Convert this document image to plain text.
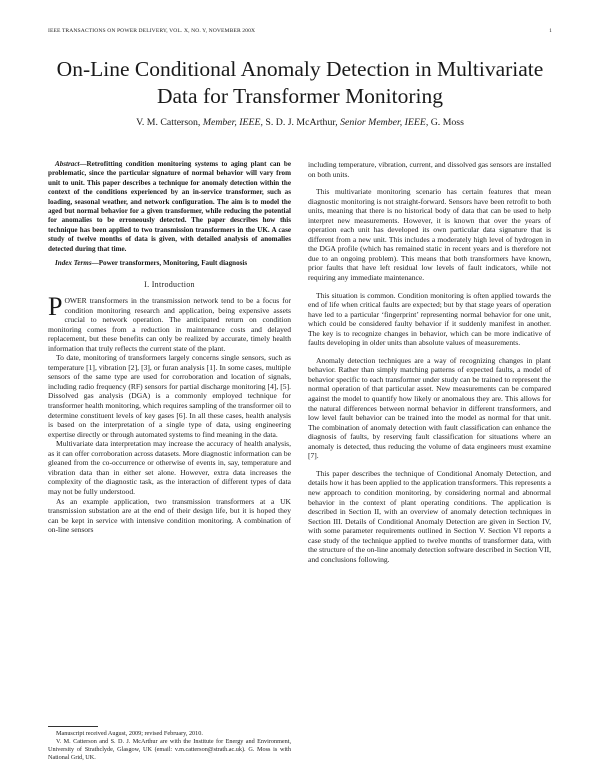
IEEE TRANSACTIONS ON POWER DELIVERY, VOL. X, NO. Y, NOVEMBER 200X	1
On-Line Conditional Anomaly Detection in Multivariate Data for Transformer Monitoring
V. M. Catterson, Member, IEEE, S. D. J. McArthur, Senior Member, IEEE, G. Moss

Abstract—Retrofitting condition monitoring systems to aging plant can be problematic, since the particular signature of normal behavior will vary from unit to unit. This paper describes a technique for anomaly detection within the context of the conditions experienced by an in-service transformer, such as loading, seasonal weather, and network configuration. The aim is to model the aged but normal behavior for a given transformer, while reducing the potential for anomalies to be erroneously detected. The paper describes how this technique has been applied to two transmission transformers in the UK. A case study of twelve months of data is given, with detailed analysis of anomalies detected during that time.

Index Terms—Power transformers, Monitoring, Fault diagnosis

I. Introduction

POWER transformers in the transmission network tend to be a focus for condition monitoring research and application, being expensive assets crucial to network operation. The anticipated return on condition monitoring comes from a reduction in maintenance costs and delayed replacement, but these benefits can only be realized by accurate, timely health information that truly reflects the current state of the plant.

To date, monitoring of transformers largely concerns single sensors, such as temperature [1], vibration [2], [3], or furan analysis [1]. In some cases, multiple sensors of the same type are used for corroboration and location of signals, including radio frequency (RF) sensors for partial discharge monitoring [4], [5]. Dissolved gas analysis (DGA) is a commonly employed technique for transformer health monitoring, which requires sampling of the transformer oil to determine constituent levels of key gases [6]. In all these cases, health analysis is based on the interpretation of a single type of data, using engineering expertise directly or through automated systems to find meaning in the data.

Multivariate data interpretation may increase the accuracy of health analysis, as it can offer corroboration across datasets. More diagnostic information can be gleaned from the co-occurrence or otherwise of events in, say, temperature and vibration data than in either set alone. However, extra data increases the complexity of the diagnostic task, as the interaction of different types of data may not be fully understood.

As an example application, two transmission transformers at a UK transmission substation are at the end of their design life, but it is hoped they can be kept in service with intensive condition monitoring. A combination of on-line sensors

Manuscript received August, 2009; revised February, 2010.
V. M. Catterson and S. D. J. McArthur are with the Institute for Energy and Environment, University of Strathclyde, Glasgow, UK (email: v.m.catterson@strath.ac.uk). G. Moss is with National Grid, UK.

including temperature, vibration, current, and dissolved gas sensors are installed on both units.

This multivariate monitoring scenario has certain features that mean diagnostic monitoring is not straight-forward. Sensors have been retrofit to both units, meaning that there is no historical body of data that can be used to help interpret new measurements. However, it is known that over the years of operation each unit has developed its own particular data signature that is different from a new unit. This includes a moderately high level of hydrogen in the DGA profile (which has remained static in recent years and is therefore not due to an ongoing problem). This means that both transformers have known, prior faults that have left residual low levels of fault indicators, while not requiring any immediate maintenance.

This situation is common. Condition monitoring is often applied towards the end of life when critical faults are expected; but by that stage years of operation have led to a particular ‘fingerprint’ representing normal behavior for one unit, which could be considered faulty behavior if it suddenly manifest in another. The key is to recognize changes in behavior, which can be more indicative of faults developing in older units than absolute values of measurements.

Anomaly detection techniques are a way of recognizing changes in plant behavior. Rather than simply matching patterns of expected faults, a model of behavior specific to each transformer under study can be trained to represent the normal operation of that particular asset. New measurements can be compared against the model to quantify how likely or anomalous they are. This allows for the natural differences between normal behavior in different transformers, and low level fault behavior can be trained into the model as normal for that unit. The combination of anomaly detection with fault classification can enhance the diagnosis of faults, by reserving fault classification for situations where an anomaly is detected, thus reducing the volume of data engineers must examine [7].

This paper describes the technique of Conditional Anomaly Detection, and details how it has been applied to the application transformers. This represents a new approach to condition monitoring, by considering normal and abnormal behavior in the context of plant operating conditions. The application is described in Section II, with an overview of anomaly detection techniques in Section III. Details of Conditional Anomaly Detection are given in Section IV, with some parameter requirements outlined in Section V. Section VI reports a case study of the technique applied to twelve months of transformer data, with the structure of the on-line anomaly detection software described in Section VII, and conclusions following.
